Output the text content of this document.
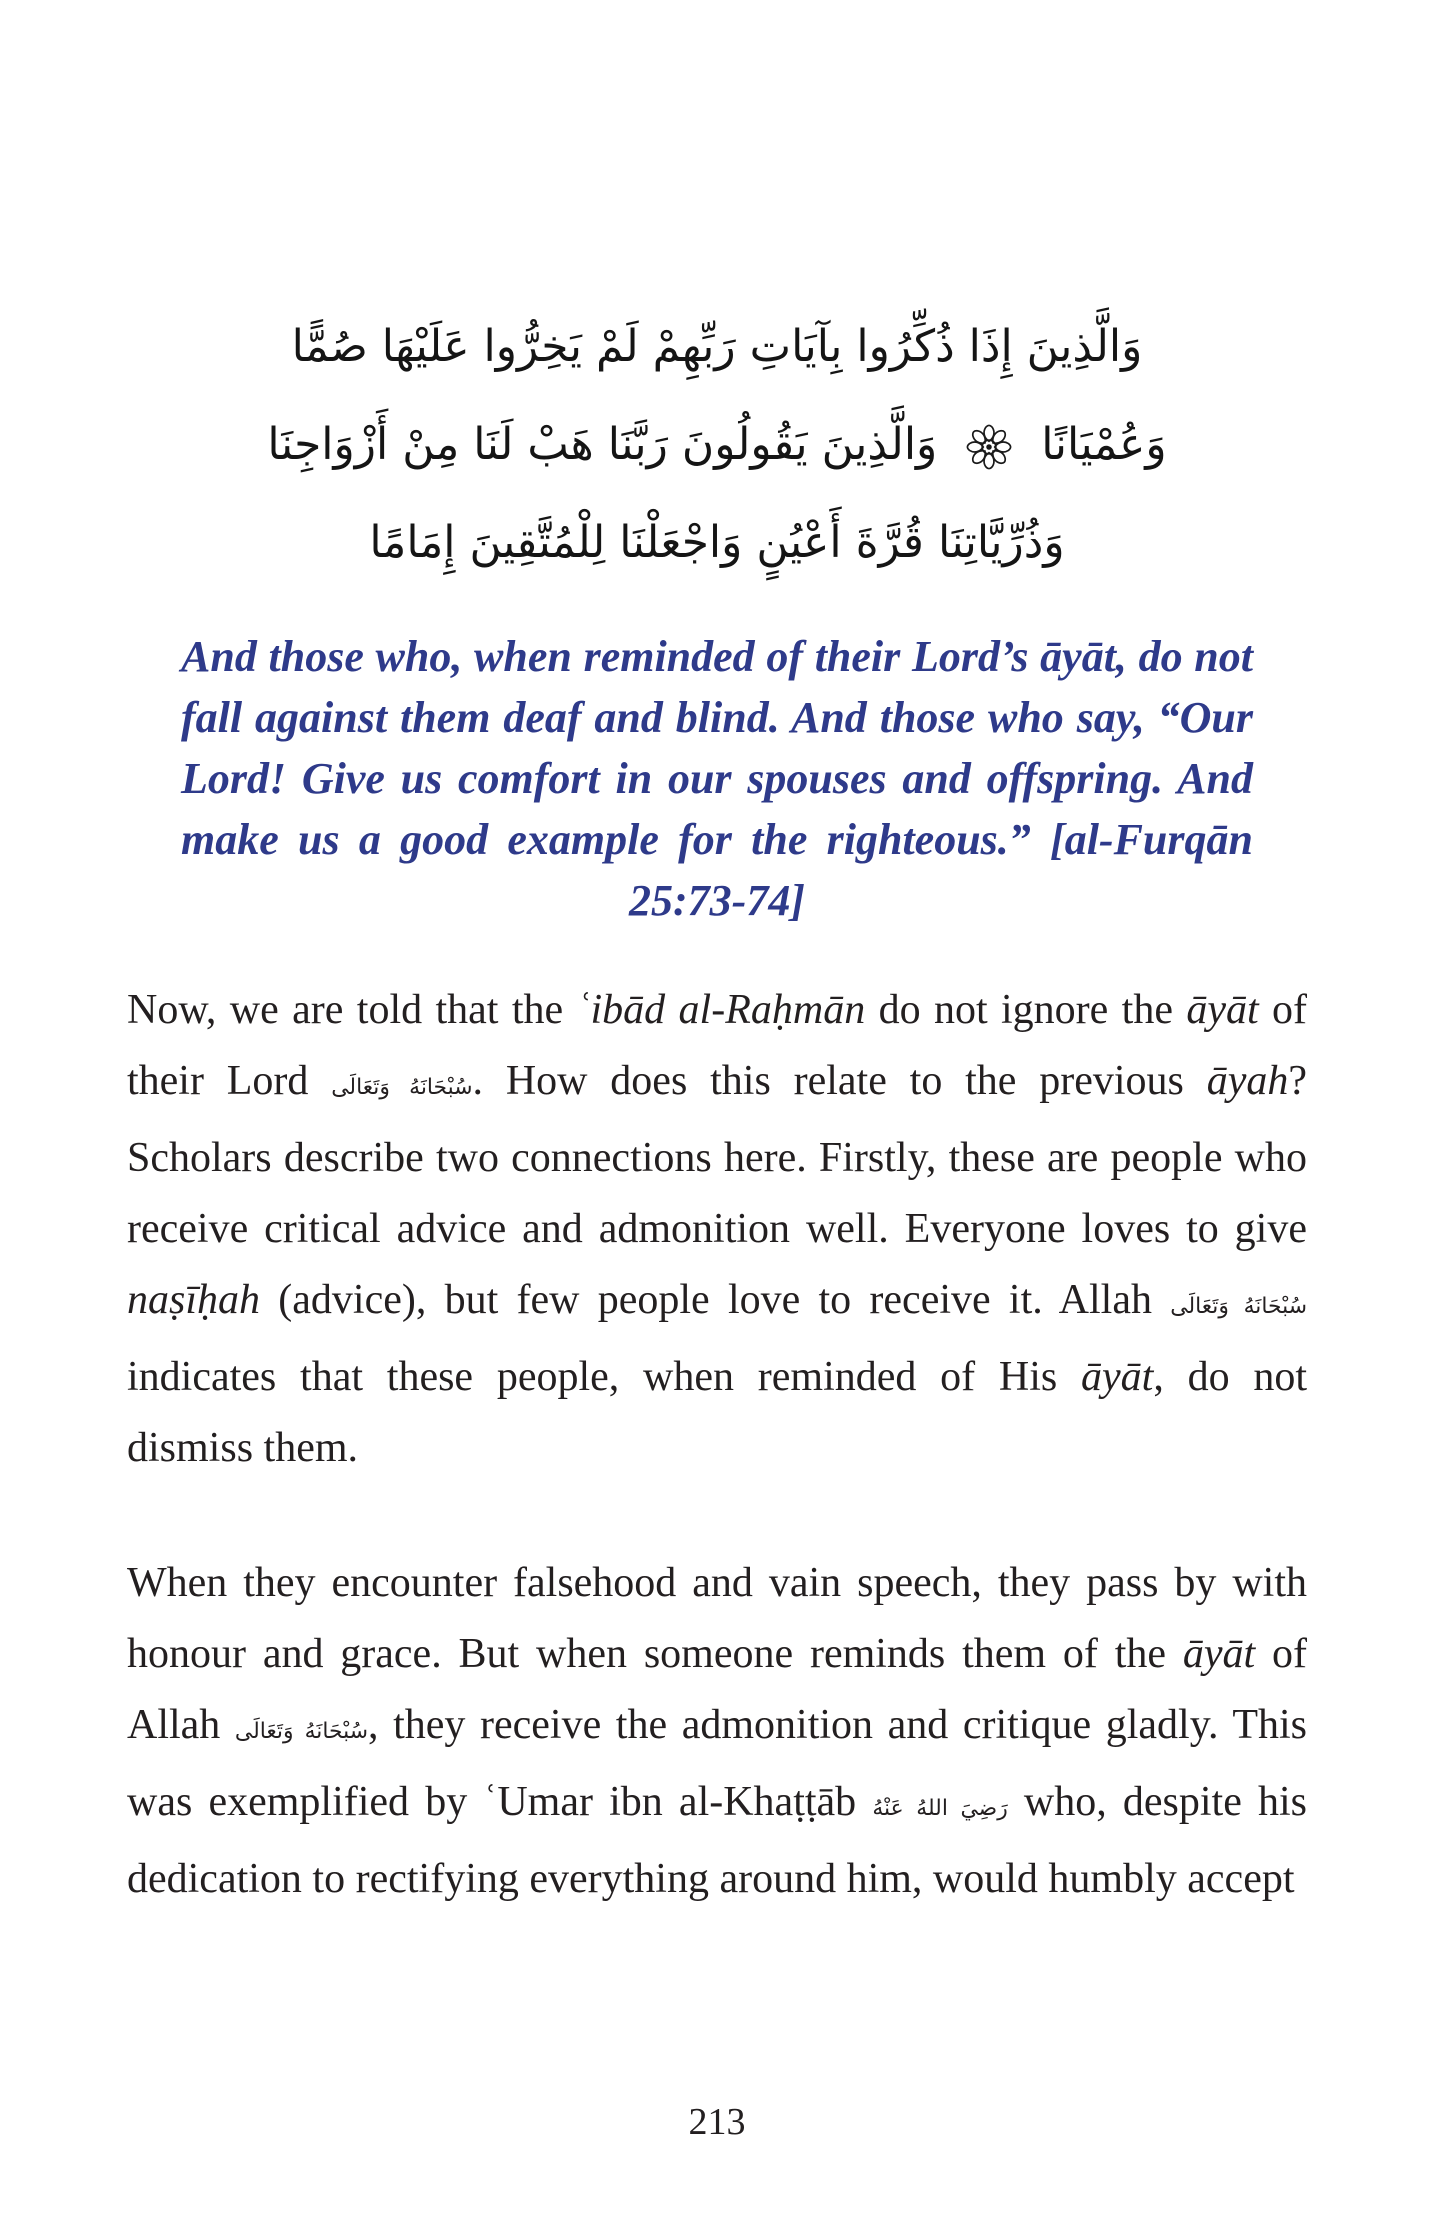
وَالَّذِينَ إِذَا ذُكِّرُوا بِآيَاتِ رَبِّهِمْ لَمْ يَخِرُّوا عَلَيْهَا صُمًّا
وَعُمْيَانًا
وَالَّذِينَ يَقُولُونَ رَبَّنَا هَبْ لَنَا مِنْ أَزْوَاجِنَا
وَذُرِّيَّاتِنَا قُرَّةَ أَعْيُنٍ وَاجْعَلْنَا لِلْمُتَّقِينَ إِمَامًا
And those who, when reminded of their Lord’s āyāt, do not fall against them deaf and blind. And those who say, “Our Lord! Give us comfort in our spouses and offspring. And make us a good example for the righteous.” [al-Furqān 25:73-74]

Now, we are told that the ʿibād al-Raḥmān do not ignore the āyāt of their Lord سُبْحَانَهُ وَتَعَالَى. How does this relate to the previous āyah? Scholars describe two connections here. Firstly, these are people who receive critical advice and admonition well. Everyone loves to give naṣīḥah (advice), but few people love to receive it. Allah سُبْحَانَهُ وَتَعَالَى indicates that these people, when reminded of His āyāt, do not dismiss them.

When they encounter falsehood and vain speech, they pass by with honour and grace. But when someone reminds them of the āyāt of Allah سُبْحَانَهُ وَتَعَالَى, they receive the admonition and critique gladly. This was exemplified by ʿUmar ibn al-Khaṭṭāb رَضِيَ اللهُ عَنْهُ who, despite his dedication to rectifying everything around him, would humbly accept

213
